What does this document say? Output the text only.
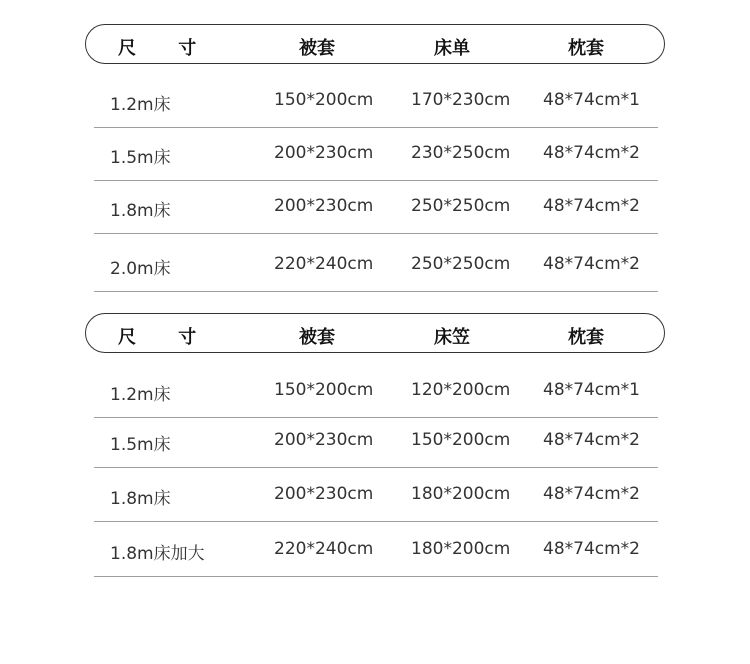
尺 寸	被套	床单	枕套
1.2m床	150*200cm 170*230cm 48*74cm*1
1.5m床	200*230cm 230*250cm 48*74cm*2
1.8m床	200*230cm 250*250cm 48*74cm*2
2.0m床	220*240cm 250*250cm 48*74cm*2
尺 寸	被套	床笠	枕套
1.2m床	150*200cm 120*200cm 48*74cm*1
1.5m床	200*230cm 150*200cm 48*74cm*2
1.8m床	200*230cm 180*200cm 48*74cm*2
1.8m床加大	220*240cm 180*200cm 48*74cm*2
